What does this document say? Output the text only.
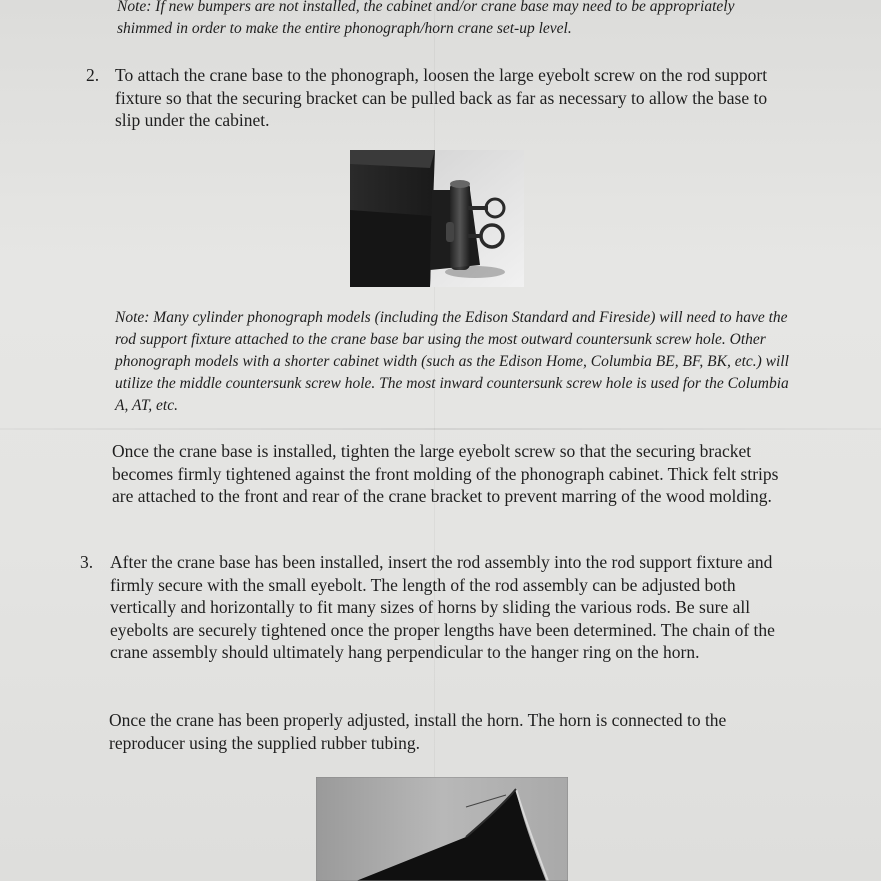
Note: If new bumpers are not installed, the cabinet and/or crane base may need to be appropriately shimmed in order to make the entire phonograph/horn crane set-up level.

2. To attach the crane base to the phonograph, loosen the large eyebolt screw on the rod support fixture so that the securing bracket can be pulled back as far as necessary to allow the base to slip under the cabinet.

Note: Many cylinder phonograph models (including the Edison Standard and Fireside) will need to have the rod support fixture attached to the crane base bar using the most outward countersunk screw hole. Other phonograph models with a shorter cabinet width (such as the Edison Home, Columbia BE, BF, BK, etc.) will utilize the middle countersunk screw hole. The most inward countersunk screw hole is used for the Columbia A, AT, etc.

Once the crane base is installed, tighten the large eyebolt screw so that the securing bracket becomes firmly tightened against the front molding of the phonograph cabinet. Thick felt strips are attached to the front and rear of the crane bracket to prevent marring of the wood molding.

3. After the crane base has been installed, insert the rod assembly into the rod support fixture and firmly secure with the small eyebolt. The length of the rod assembly can be adjusted both vertically and horizontally to fit many sizes of horns by sliding the various rods. Be sure all eyebolts are securely tightened once the proper lengths have been determined. The chain of the crane assembly should ultimately hang perpendicular to the hanger ring on the horn.

Once the crane has been properly adjusted, install the horn. The horn is connected to the reproducer using the supplied rubber tubing.
